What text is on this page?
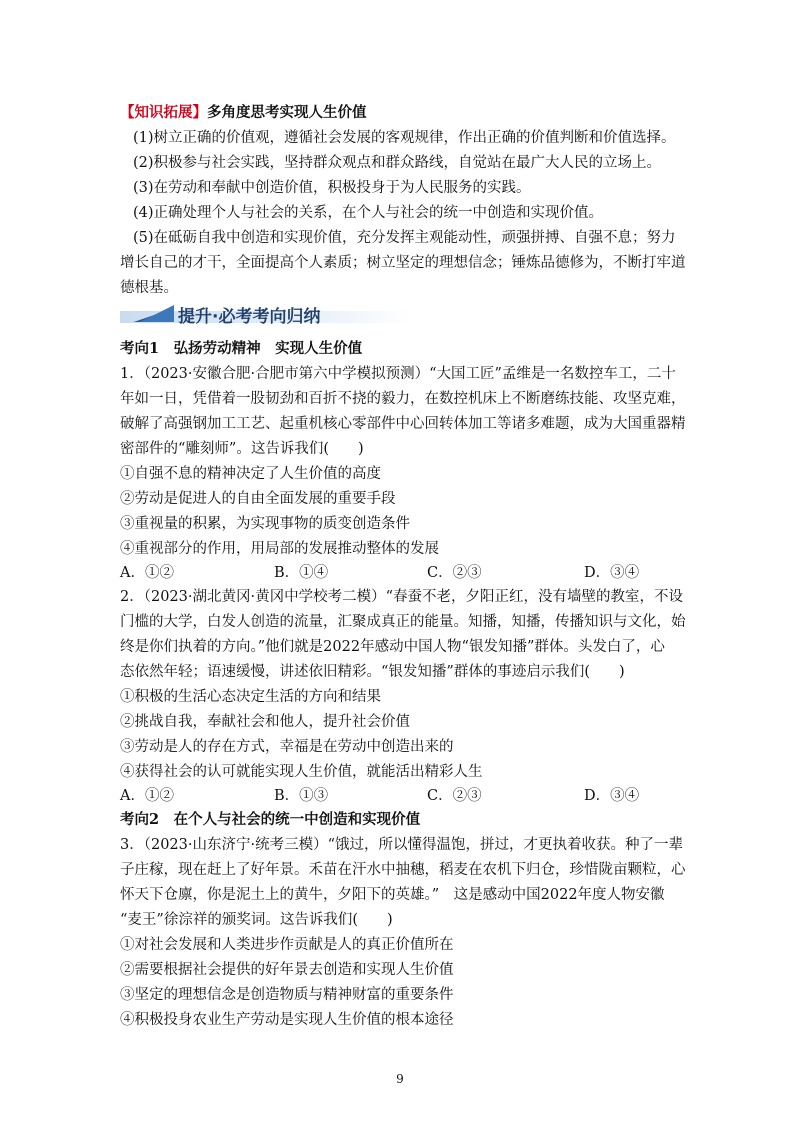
【知识拓展】多角度思考实现人生价值
(1)树立正确的价值观，遵循社会发展的客观规律，作出正确的价值判断和价值选择。
(2)积极参与社会实践，坚持群众观点和群众路线，自觉站在最广大人民的立场上。
(3)在劳动和奉献中创造价值，积极投身于为人民服务的实践。
(4)正确处理个人与社会的关系，在个人与社会的统一中创造和实现价值。
(5)在砥砺自我中创造和实现价值，充分发挥主观能动性，顽强拼搏、自强不息；努力
增长自己的才干，全面提高个人素质；树立坚定的理想信念；锤炼品德修为，不断打牢道
德根基。
提升·必考考向归纳
考向1　弘扬劳动精神　实现人生价值
1．（2023·安徽合肥·合肥市第六中学模拟预测）“大国工匠”孟维是一名数控车工，二十
年如一日，凭借着一股韧劲和百折不挠的毅力，在数控机床上不断磨练技能、攻坚克难，
破解了高强钢加工工艺、起重机核心零部件中心回转体加工等诸多难题，成为大国重器精
密部件的“雕刻师”。这告诉我们(　　)
①自强不息的精神决定了人生价值的高度
②劳动是促进人的自由全面发展的重要手段
③重视量的积累，为实现事物的质变创造条件
④重视部分的作用，用局部的发展推动整体的发展
A．①②	B．①④	C．②③	D．③④
2．（2023·湖北黄冈·黄冈中学校考二模）“春蚕不老，夕阳正红，没有墙壁的教室，不设
门槛的大学，白发人创造的流量，汇聚成真正的能量。知播，知播，传播知识与文化，始
终是你们执着的方向。”他们就是2022年感动中国人物“银发知播”群体。头发白了，心
态依然年轻；语速缓慢，讲述依旧精彩。“银发知播”群体的事迹启示我们(　　)
①积极的生活心态决定生活的方向和结果
②挑战自我，奉献社会和他人，提升社会价值
③劳动是人的存在方式，幸福是在劳动中创造出来的
④获得社会的认可就能实现人生价值，就能活出精彩人生
A．①②	B．①③	C．②③	D．③④
考向2　在个人与社会的统一中创造和实现价值
3．（2023·山东济宁·统考三模）“饿过，所以懂得温饱，拼过，才更执着收获。种了一辈
子庄稼，现在赶上了好年景。禾苗在汗水中抽穗，稻麦在农机下归仓，珍惜陇亩颗粒，心
怀天下仓廪，你是泥土上的黄牛，夕阳下的英雄。”　这是感动中国2022年度人物安徽
“麦王”徐淙祥的颁奖词。这告诉我们(　　)
①对社会发展和人类进步作贡献是人的真正价值所在
②需要根据社会提供的好年景去创造和实现人生价值
③坚定的理想信念是创造物质与精神财富的重要条件
④积极投身农业生产劳动是实现人生价值的根本途径
9
